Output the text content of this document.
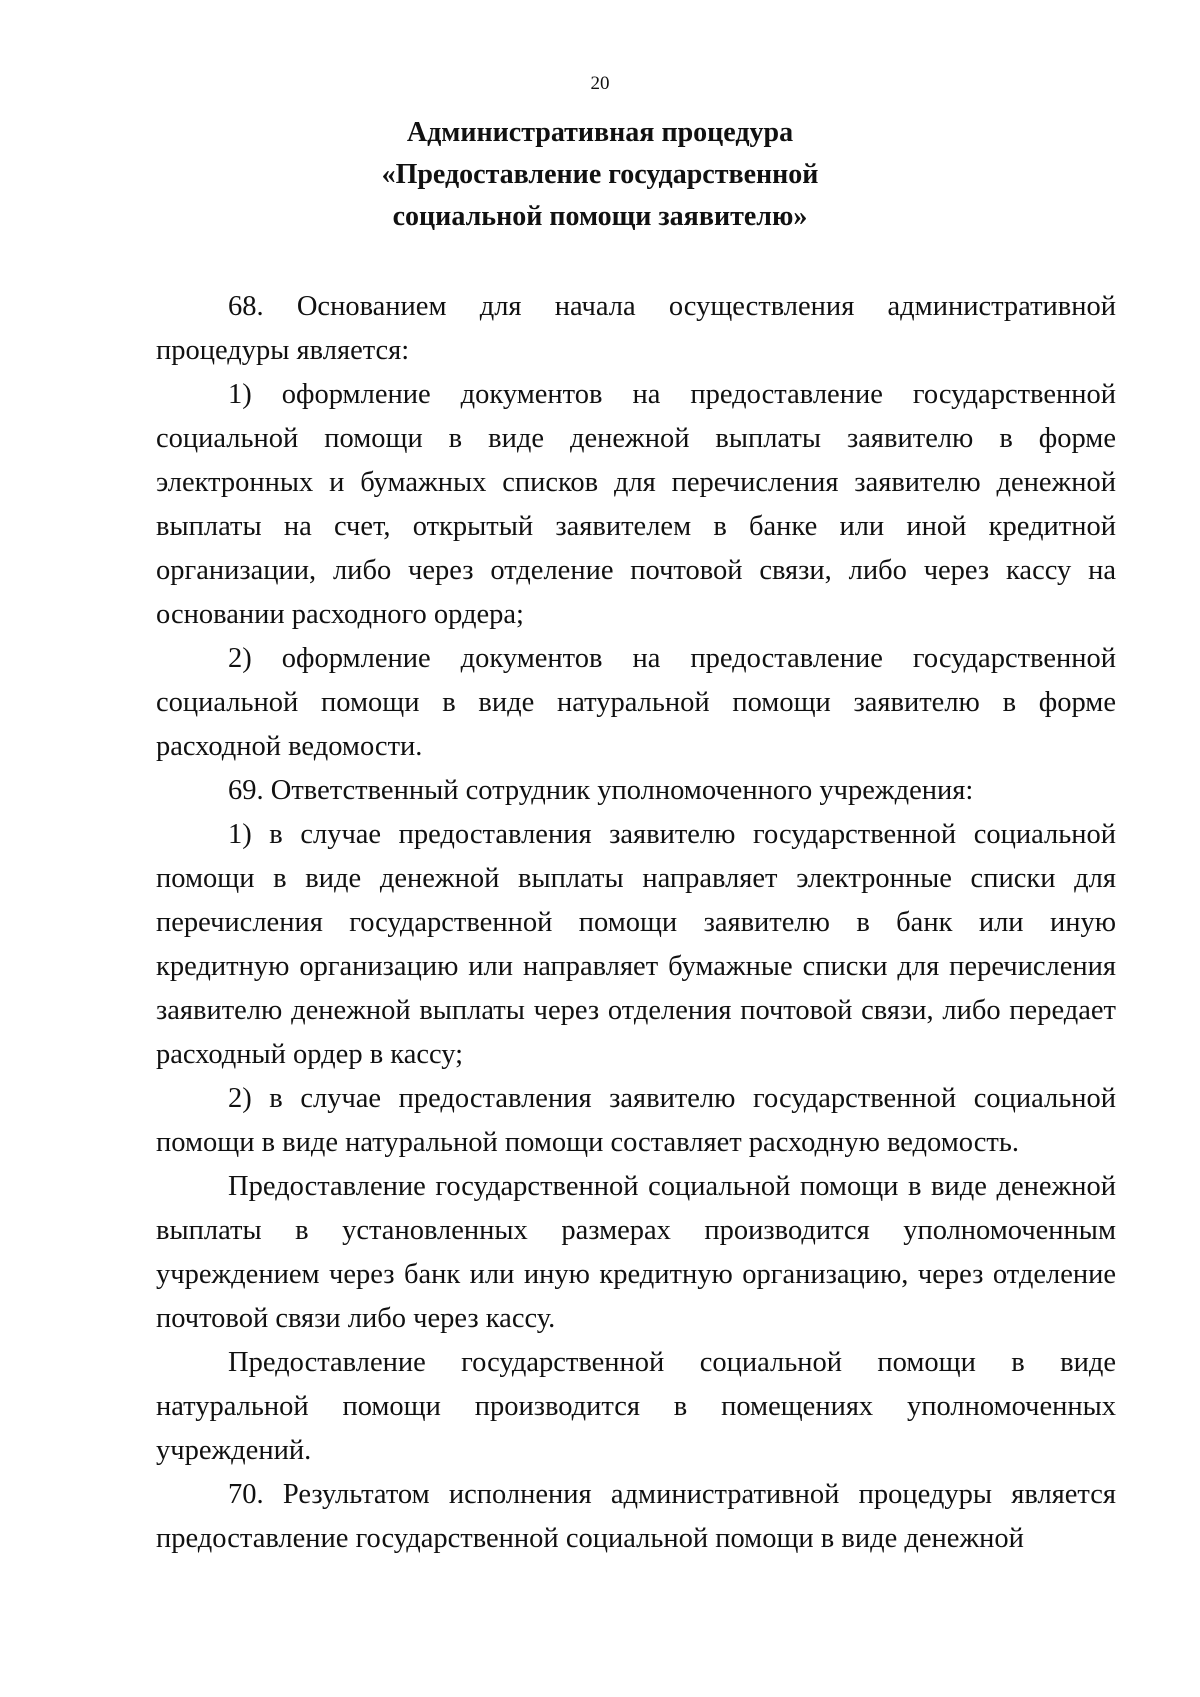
20
Административная процедура
«Предоставление государственной
социальной помощи заявителю»

68. Основанием для начала осуществления административной процедуры является:

1) оформление документов на предоставление государственной социальной помощи в виде денежной выплаты заявителю в форме электронных и бумажных списков для перечисления заявителю денежной выплаты на счет, открытый заявителем в банке или иной кредитной организации, либо через отделение почтовой связи, либо через кассу на основании расходного ордера;

2) оформление документов на предоставление государственной социальной помощи в виде натуральной помощи заявителю в форме расходной ведомости.

69. Ответственный сотрудник уполномоченного учреждения:

1) в случае предоставления заявителю государственной социальной помощи в виде денежной выплаты направляет электронные списки для перечисления государственной помощи заявителю в банк или иную кредитную организацию или направляет бумажные списки для перечисления заявителю денежной выплаты через отделения почтовой связи, либо передает расходный ордер в кассу;

2) в случае предоставления заявителю государственной социальной помощи в виде натуральной помощи составляет расходную ведомость.

Предоставление государственной социальной помощи в виде денежной выплаты в установленных размерах производится уполномоченным учреждением через банк или иную кредитную организацию, через отделение почтовой связи либо через кассу.

Предоставление государственной социальной помощи в виде натуральной помощи производится в помещениях уполномоченных учреждений.

70. Результатом исполнения административной процедуры является предоставление государственной социальной помощи в виде денежной
